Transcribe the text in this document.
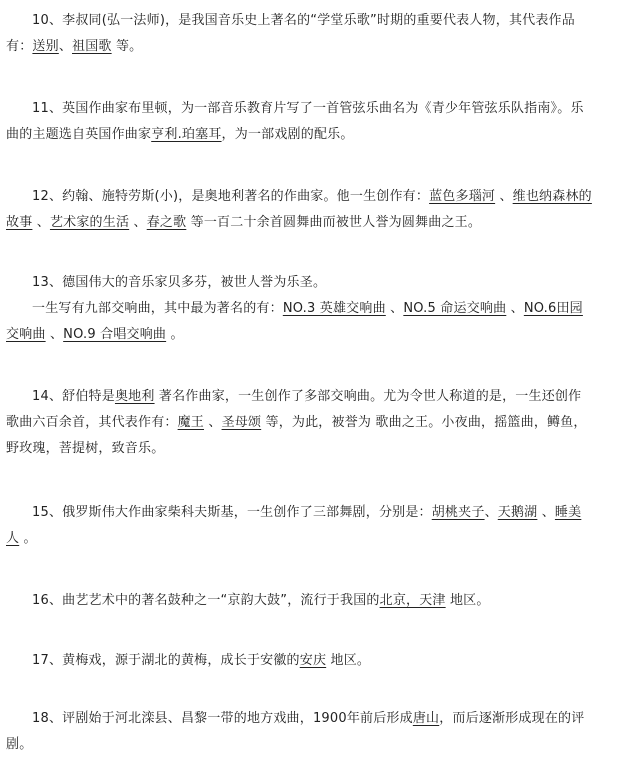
10、李叔同(弘一法师)，是我国音乐史上著名的“学堂乐歌”时期的重要代表人物，其代表作品
有：送别、祖国歌 等。
11、英国作曲家布里顿，为一部音乐教育片写了一首管弦乐曲名为《青少年管弦乐队指南》。乐
曲的主题选自英国作曲家亨利.珀塞耳，为一部戏剧的配乐。
12、约翰、施特劳斯(小)，是奥地利著名的作曲家。他一生创作有：蓝色多瑙河 、维也纳森林的
故事 、艺术家的生活 、春之歌 等一百二十余首圆舞曲而被世人誉为圆舞曲之王。
13、德国伟大的音乐家贝多芬，被世人誉为乐圣。
一生写有九部交响曲，其中最为著名的有：NO.3 英雄交响曲 、NO.5 命运交响曲 、NO.6田园
交响曲 、NO.9 合唱交响曲 。
14、舒伯特是奥地利 著名作曲家，一生创作了多部交响曲。尤为令世人称道的是，一生还创作
歌曲六百余首，其代表作有：魔王 、圣母颂 等，为此，被誉为 歌曲之王。小夜曲，摇篮曲，鳟鱼，
野玫瑰，菩提树，致音乐。
15、俄罗斯伟大作曲家柴科夫斯基，一生创作了三部舞剧，分别是：胡桃夹子、天鹅湖 、睡美
人 。
16、曲艺艺术中的著名鼓种之一“京韵大鼓”，流行于我国的北京，天津 地区。
17、黄梅戏，源于湖北的黄梅，成长于安徽的安庆 地区。
18、评剧始于河北滦县、昌黎一带的地方戏曲，1900年前后形成唐山，而后逐渐形成现在的评
剧。
